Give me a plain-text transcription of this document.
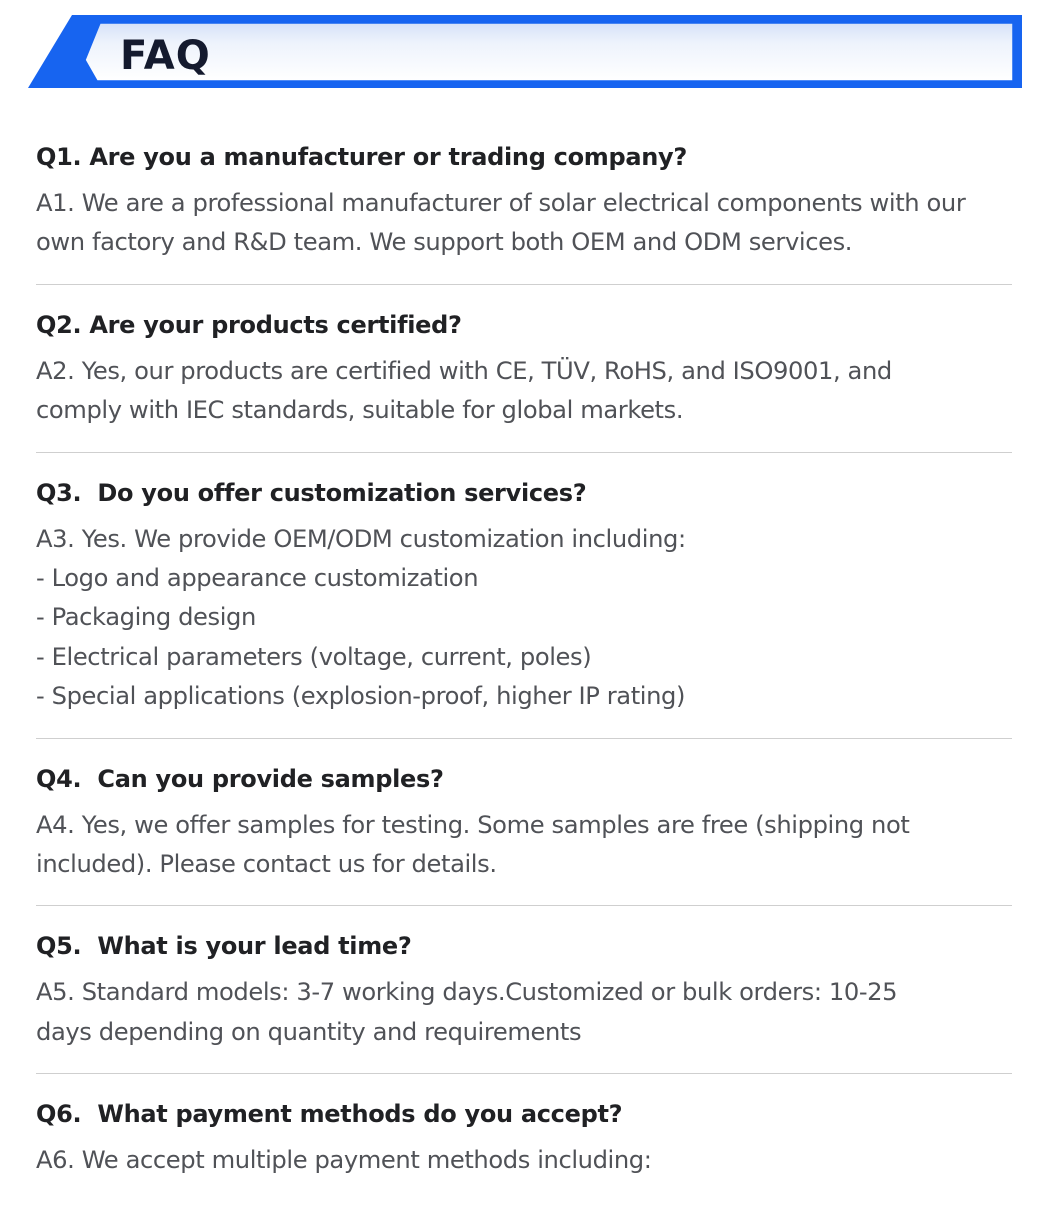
FAQ
Q1. Are you a manufacturer or trading company?
A1. We are a professional manufacturer of solar electrical components with our
own factory and R&D team. We support both OEM and ODM services.
Q2. Are your products certified?
A2. Yes, our products are certified with CE, TÜV, RoHS, and ISO9001, and
comply with IEC standards, suitable for global markets.
Q3.  Do you offer customization services?
A3. Yes. We provide OEM/ODM customization including:
- Logo and appearance customization
- Packaging design
- Electrical parameters (voltage, current, poles)
- Special applications (explosion-proof, higher IP rating)
Q4.  Can you provide samples?
A4. Yes, we offer samples for testing. Some samples are free (shipping not
included). Please contact us for details.
Q5.  What is your lead time?
A5. Standard models: 3-7 working days.Customized or bulk orders: 10-25
days depending on quantity and requirements
Q6.  What payment methods do you accept?
A6. We accept multiple payment methods including:
